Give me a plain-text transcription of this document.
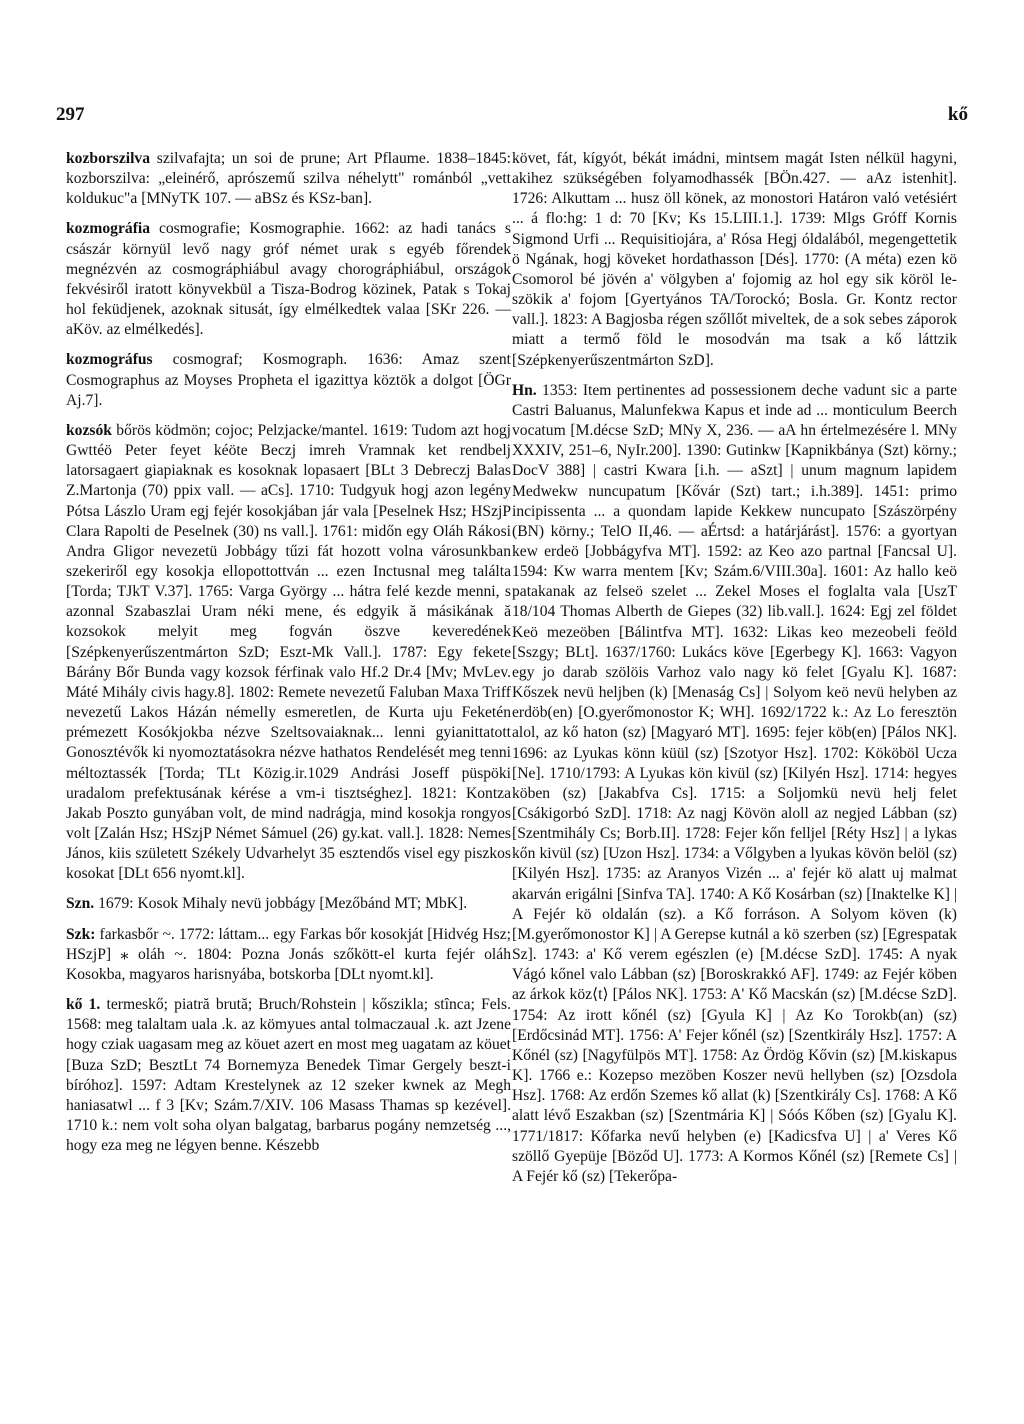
297	kő

kozborszilva szilvafajta; un soi de prune; Art Pflaume. 1838–1845: kozborszilva: „eleinérő, aprószemű szilva néhelytt" románból „vett koldukuc"a [MNyTK 107. — aBSz és KSz-ban].

kozmográfia cosmografie; Kosmographie. 1662: az hadi tanács s császár környül levő nagy gróf német urak s egyéb főrendek megnézvén az cosmográphiábul avagy chorográphiábul, országok fekvésiről iratott könyvekbül a Tisza-Bodrog közinek, Patak s Tokaj hol feküdjenek, azoknak situsát, így elmélkedtek valaa [SKr 226. — aKöv. az elmélkedés].

kozmográfus cosmograf; Kosmograph. 1636: Amaz szent Cosmographus az Moyses Propheta el igazittya köztök a dolgot [ÖGr Aj.7].

kozsók bőrös ködmön; cojoc; Pelzjacke/mantel. 1619: Tudom azt hogj Gwttéö Peter feyet kéöte Beczj imreh Vramnak ket rendbelj latorsagaert giapiaknak es kosoknak lopasaert [BLt 3 Debreczj Balas Z.Martonja (70) ppix vall. — aCs]. 1710: Tudgyuk hogj azon legény Pótsa Lászlo Uram egj fejér kosokjában jár vala [Peselnek Hsz; HSzjP Clara Rapolti de Peselnek (30) ns vall.]. 1761: midőn egy Oláh Rákosi Andra Gligor nevezetü Jobbágy tűzi fát hozott volna városunkban szekeriről egy kosokja ellopottottván ... ezen Inctusnal meg találta [Torda; TJkT V.37]. 1765: Varga György ... hátra felé kezde menni, s azonnal Szabaszlai Uram néki mene, és edgyik ă másikának ă kozsokok melyit meg fogván öszve keveredének [Szépkenyerűszentmárton SzD; Eszt-Mk Vall.]. 1787: Egy fekete Bárány Bőr Bunda vagy kozsok férfinak valo Hf.2 Dr.4 [Mv; MvLev. Máté Mihály civis hagy.8]. 1802: Remete nevezetű Faluban Maxa Triff nevezetű Lakos Házán némelly esmeretlen, de Kurta uju Feketén prémezett Kosókjokba nézve Szeltsovaiaknak... lenni gyianittatott Gonosztévők ki nyomoztatásokra nézve hathatos Rendelését meg tenni méltoztassék [Torda; TLt Közig.ir.1029 Andrási Joseff püspöki uradalom prefektusának kérése a vm-i tisztséghez]. 1821: Kontza Jakab Poszto gunyában volt, de mind nadrágja, mind kosokja rongyos volt [Zalán Hsz; HSzjP Német Sámuel (26) gy.kat. vall.]. 1828: Nemes János, kiis született Székely Udvarhelyt 35 esztendős visel egy piszkos kosokat [DLt 656 nyomt.kl].

Szn. 1679: Kosok Mihaly nevü jobbágy [Mezőbánd MT; MbK].

Szk: farkasbőr ~. 1772: láttam... egy Farkas bőr kosokját [Hidvég Hsz; HSzjP] ⁎ oláh ~. 1804: Pozna Jonás szőkött-el kurta fejér oláh Kosokba, magyaros harisnyába, botskorba [DLt nyomt.kl].

kő 1. termeskő; piatră brută; Bruch/Rohstein | kőszikla; stînca; Fels. 1568: meg talaltam uala .k. az kömyues antal tolmaczaual .k. azt Jzene hogy cziak uagasam meg az köuet azert en most meg uagatam az köuet [Buza SzD; BesztLt 74 Bornemyza Benedek Timar Gergely beszt-i bíróhoz]. 1597: Adtam Krestelynek az 12 szeker kwnek az Megh haniasatwl ... f 3 [Kv; Szám.7/XIV. 106 Masass Thamas sp kezével]. 1710 k.: nem volt soha olyan balgatag, barbarus pogány nemzetség ..., hogy eza meg ne légyen benne. Készebb

követ, fát, kígyót, békát imádni, mintsem magát Isten nélkül hagyni, akihez szükségében folyamodhassék [BÖn.427. — aAz istenhit]. 1726: Alkuttam ... husz öll könek, az monostori Határon való vetésiért ... á flo:hg: 1 d: 70 [Kv; Ks 15.LIII.1.]. 1739: Mlgs Gróff Kornis Sigmond Urfi ... Requisitiojára, a' Rósa Hegj óldalából, megengettetik ö Ngának, hogj köveket hordathasson [Dés]. 1770: (A méta) ezen kö Csomorol bé jövén a' völgyben a' fojomig az hol egy sik köröl le-szökik a' fojom [Gyertyános TA/Torockó; Bosla. Gr. Kontz rector vall.]. 1823: A Bagjosba régen szőllőt miveltek, de a sok sebes záporok miatt a termő föld le mosodván ma tsak a kő láttzik [Szépkenyerűszentmárton SzD].

Hn. 1353: Item pertinentes ad possessionem deche vadunt sic a parte Castri Baluanus, Malunfekwa Kapus et inde ad ... monticulum Beerch vocatum [M.décse SzD; MNy X, 236. — aA hn értelmezésére l. MNy XXXIV, 251–6, NyIr.200]. 1390: Gutinkw [Kapnikbánya (Szt) körny.; DocV 388] | castri Kwara [i.h. — aSzt] | unum magnum lapidem Medwekw nuncupatum [Kővár (Szt) tart.; i.h.389]. 1451: primo incipissenta ... a quondam lapide Kekkew nuncupato [Szászörpény (BN) körny.; TelO II,46. — aÉrtsd: a határjárást]. 1576: a gyortyan kew erdeö [Jobbágyfva MT]. 1592: az Keo azo partnal [Fancsal U]. 1594: Kw warra mentem [Kv; Szám.6/VIII.30a]. 1601: Az hallo keö patakanak az felseö szelet ... Zekel Moses el foglalta vala [UszT 18/104 Thomas Alberth de Giepes (32) lib.vall.]. 1624: Egj zel földet Keö mezeöben [Bálintfva MT]. 1632: Likas keo mezeobeli feöld [Sszgy; BLt]. 1637/1760: Lukács köve [Egerbegy K]. 1663: Vagyon egy jo darab szölöis Varhoz valo nagy kö felet [Gyalu K]. 1687: Kőszek nevü heljben (k) [Menaság Cs] | Solyom keö nevü helyben az erdöb(en) [O.gyerőmonostor K; WH]. 1692/1722 k.: Az Lo feresztön alol, az kő haton (sz) [Magyaró MT]. 1695: fejer köb(en) [Pálos NK]. 1696: az Lyukas könn küül (sz) [Szotyor Hsz]. 1702: Kököböl Ucza [Ne]. 1710/1793: A Lyukas kön kivül (sz) [Kilyén Hsz]. 1714: hegyes köben (sz) [Jakabfva Cs]. 1715: a Soljomkü nevü helj felet [Csákigorbó SzD]. 1718: Az nagj Kövön aloll az negjed Lábban (sz) [Szentmihály Cs; Borb.II]. 1728: Fejer kőn felljel [Réty Hsz] | a lykas kőn kivül (sz) [Uzon Hsz]. 1734: a Vőlgyben a lyukas kövön belöl (sz) [Kilyén Hsz]. 1735: az Aranyos Vizén ... a' fejér kö alatt uj malmat akarván erigálni [Sinfva TA]. 1740: A Kő Kosárban (sz) [Inaktelke K] | A Fejér kö oldalán (sz). a Kő forráson. A Solyom köven (k) [M.gyerőmonostor K] | A Gerepse kutnál a kö szerben (sz) [Egrespatak Sz]. 1743: a' Kő verem egészlen (e) [M.décse SzD]. 1745: A nyak Vágó kőnel valo Lábban (sz) [Boroskrakkó AF]. 1749: az Fejér köben az árkok köz⟨t⟩ [Pálos NK]. 1753: A' Kő Macskán (sz) [M.décse SzD]. 1754: Az irott kőnél (sz) [Gyula K] | Az Ko Torokb(an) (sz) [Erdőcsinád MT]. 1756: A' Fejer kőnél (sz) [Szentkirály Hsz]. 1757: A Kőnél (sz) [Nagyfülpös MT]. 1758: Az Ördög Kővin (sz) [M.kiskapus K]. 1766 e.: Kozepso mezöben Koszer nevü hellyben (sz) [Ozsdola Hsz]. 1768: Az erdőn Szemes kő allat (k) [Szentkirály Cs]. 1768: A Kő alatt lévő Eszakban (sz) [Szentmária K] | Sóós Kőben (sz) [Gyalu K]. 1771/1817: Kőfarka nevű helyben (e) [Kadicsfva U] | a' Veres Kő szöllő Gyepüje [Böződ U]. 1773: A Kormos Kőnél (sz) [Remete Cs] | A Fejér kő (sz) [Tekerőpa-
